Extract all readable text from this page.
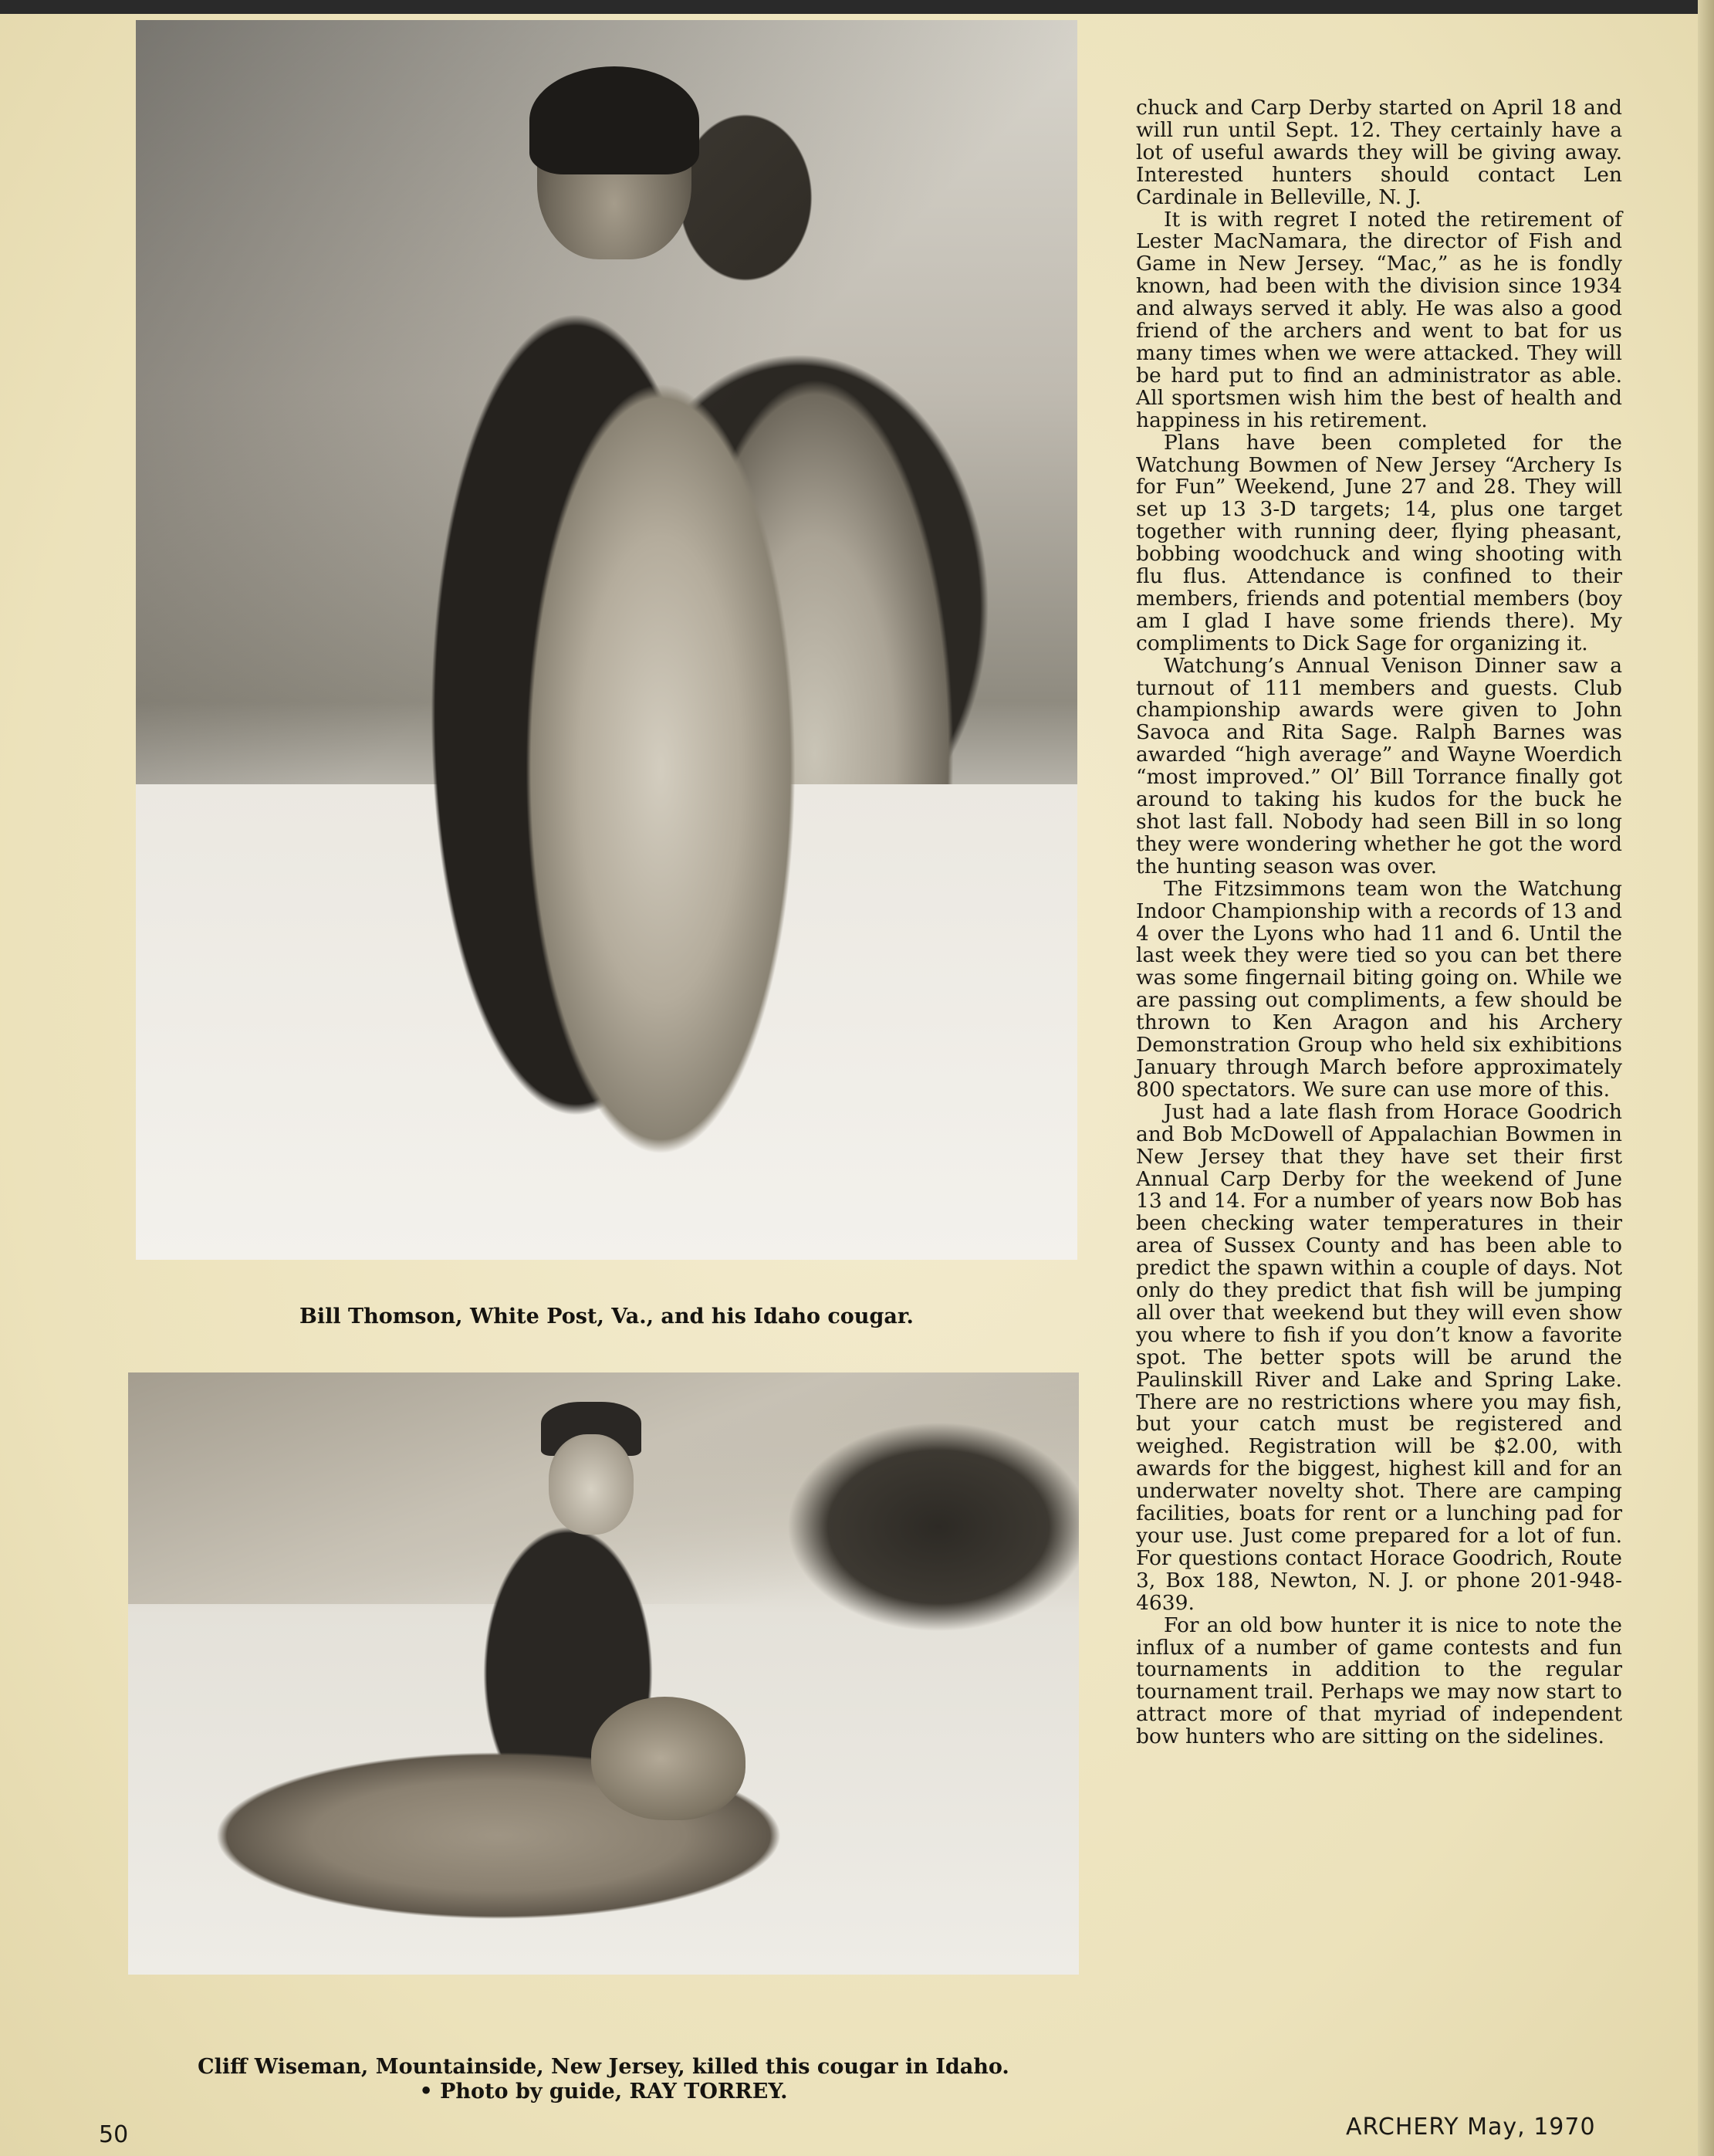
Bill Thomson, White Post, Va., and his Idaho cougar.
Cliff Wiseman, Mountainside, New Jersey, killed this cougar in Idaho.
• Photo by guide, RAY TORREY.

chuck and Carp Derby started on April 18 and will run until Sept. 12. They certainly have a lot of useful awards they will be giving away. Interested hunters should contact Len Cardinale in Belleville, N. J.

It is with regret I noted the retirement of Lester MacNamara, the director of Fish and Game in New Jersey. “Mac,” as he is fondly known, had been with the division since 1934 and always served it ably. He was also a good friend of the archers and went to bat for us many times when we were attacked. They will be hard put to find an administrator as able. All sportsmen wish him the best of health and happiness in his retirement.

Plans have been completed for the Watchung Bowmen of New Jersey “Archery Is for Fun” Weekend, June 27 and 28. They will set up 13 3-D targets; 14, plus one target together with running deer, flying pheasant, bobbing woodchuck and wing shooting with flu flus. Attendance is confined to their members, friends and potential members (boy am I glad I have some friends there). My compliments to Dick Sage for organizing it.

Watchung’s Annual Venison Dinner saw a turnout of 111 members and guests. Club championship awards were given to John Savoca and Rita Sage. Ralph Barnes was awarded “high average” and Wayne Woerdich “most improved.” Ol’ Bill Torrance finally got around to taking his kudos for the buck he shot last fall. Nobody had seen Bill in so long they were wondering whether he got the word the hunting season was over.

The Fitzsimmons team won the Watchung Indoor Championship with a records of 13 and 4 over the Lyons who had 11 and 6. Until the last week they were tied so you can bet there was some fingernail biting going on. While we are passing out compliments, a few should be thrown to Ken Aragon and his Archery Demonstration Group who held six exhibitions January through March before approximately 800 spectators. We sure can use more of this.

Just had a late flash from Horace Goodrich and Bob McDowell of Appalachian Bowmen in New Jersey that they have set their first Annual Carp Derby for the weekend of June 13 and 14. For a number of years now Bob has been checking water temperatures in their area of Sussex County and has been able to predict the spawn within a couple of days. Not only do they predict that fish will be jumping all over that weekend but they will even show you where to fish if you don’t know a favorite spot. The better spots will be arund the Paulinskill River and Lake and Spring Lake. There are no restrictions where you may fish, but your catch must be registered and weighed. Registration will be $2.00, with awards for the biggest, highest kill and for an underwater novelty shot. There are camping facilities, boats for rent or a lunching pad for your use. Just come prepared for a lot of fun. For questions contact Horace Goodrich, Route 3, Box 188, Newton, N. J. or phone 201-948-4639.

For an old bow hunter it is nice to note the influx of a number of game contests and fun tournaments in addition to the regular tournament trail. Perhaps we may now start to attract more of that myriad of independent bow hunters who are sitting on the sidelines.

50	ARCHERY May, 1970
